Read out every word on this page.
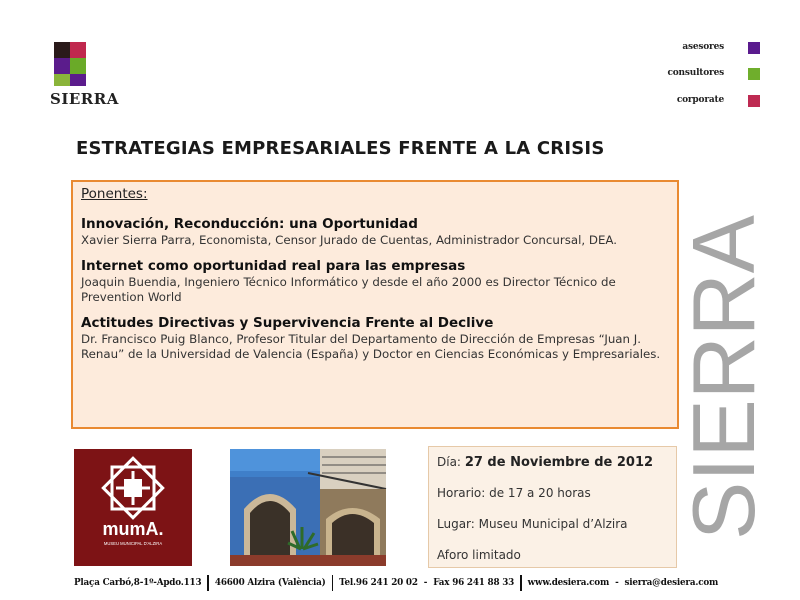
SIERRA
asesores
consultores
corporate
ESTRATEGIAS EMPRESARIALES FRENTE A LA CRISIS
Ponentes:
Innovación, Reconducción: una Oportunidad
Xavier Sierra Parra, Economista, Censor Jurado de Cuentas, Administrador Concursal, DEA.
Internet como oportunidad real para las empresas
Joaquin Buendia, Ingeniero Técnico Informático y desde el año 2000 es Director Técnico de Prevention World
Actitudes Directivas y Supervivencia Frente al Declive
Dr. Francisco Puig Blanco, Profesor Titular del Departamento de Dirección de Empresas “Juan J. Renau” de la Universidad de Valencia (España) y Doctor en Ciencias Económicas y Empresariales. SIERRA
mumA.
MUSEU MUNICIPAL D'ALZIRA
Día: 27 de Noviembre de 2012
Horario: de 17 a 20 horas
Lugar: Museu Municipal d’Alzira
Aforo limitado
Plaça Carbó,8-1º-Apdo.113 46600 Alzira (València) Tel.96 241 20 02 - Fax 96 241 88 33 www.desiera.com - sierra@desiera.com
